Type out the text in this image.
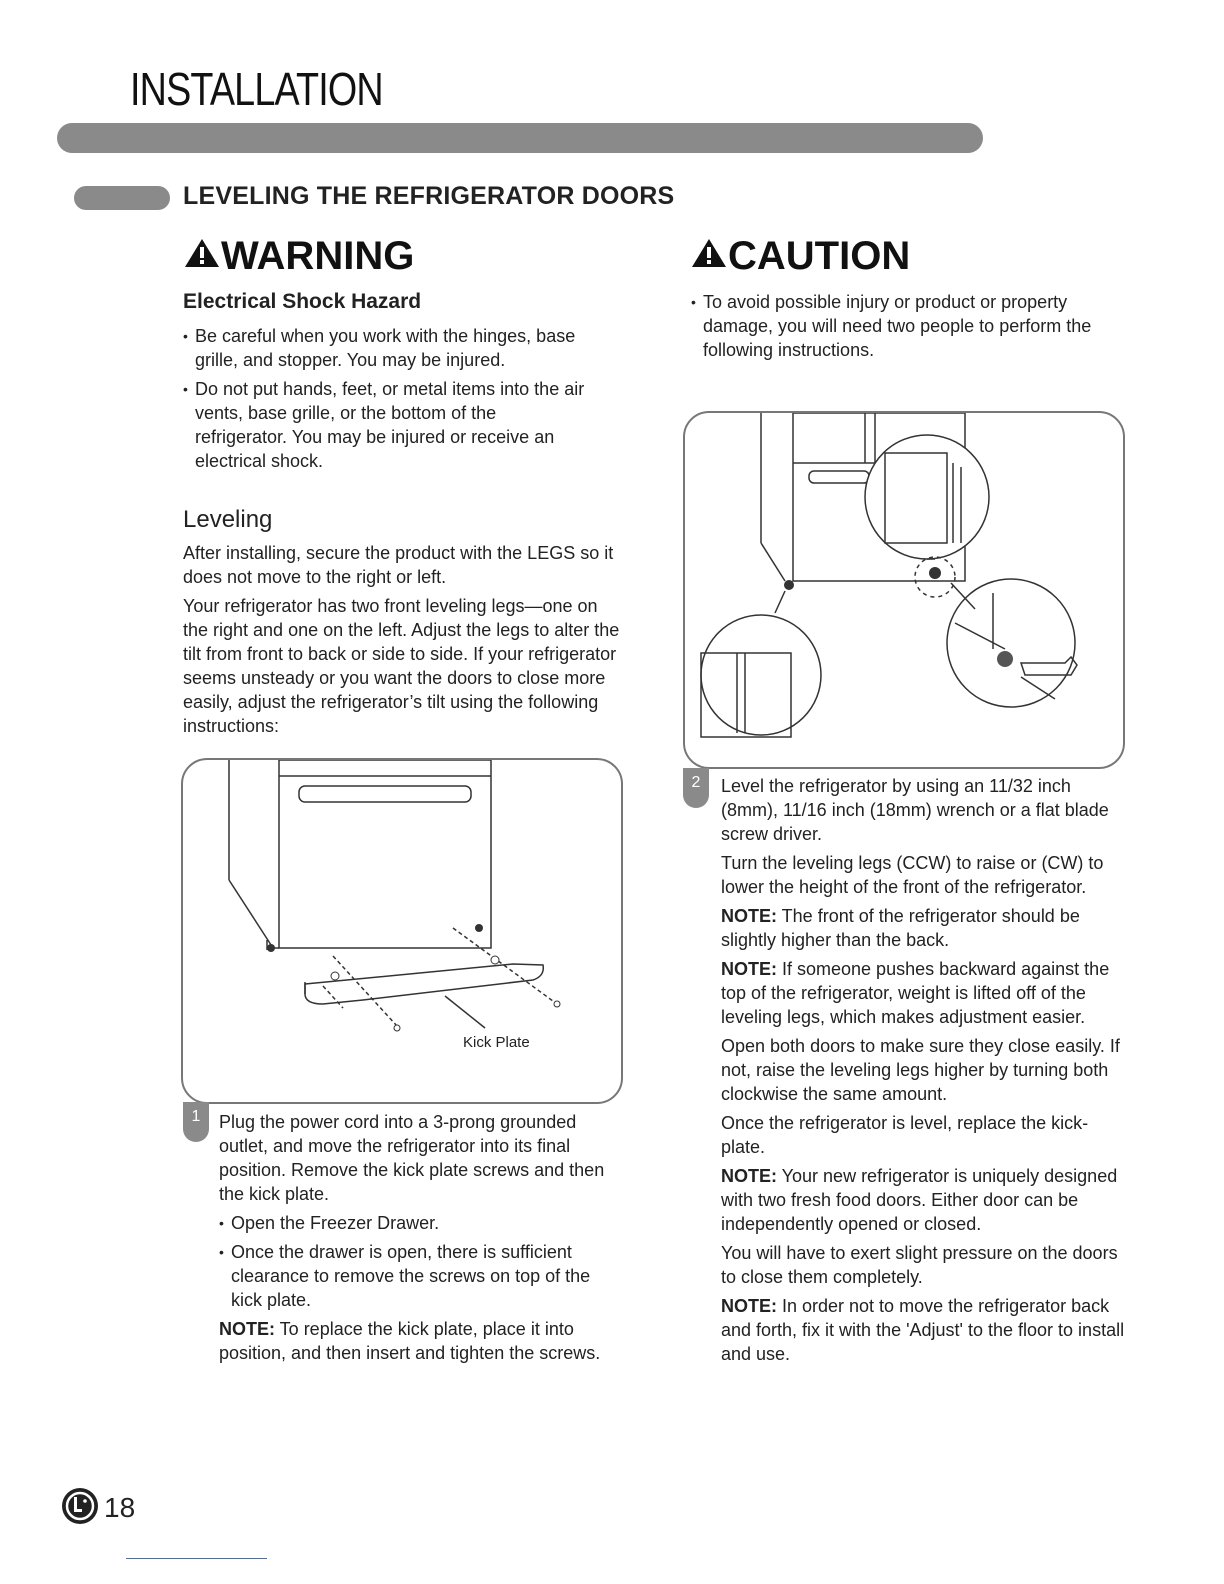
INSTALLATION
LEVELING THE REFRIGERATOR DOORS
WARNING
Electrical Shock Hazard
• Be careful when you work with the hinges, base grille, and stopper. You may be injured.
• Do not put hands, feet, or metal items into the air vents, base grille, or the bottom of the refrigerator. You may be injured or receive an electrical shock.
Leveling
After installing, secure the product with the LEGS so it does not move to the right or left.
Your refrigerator has two front leveling legs—one on the right and one on the left. Adjust the legs to alter the tilt from front to back or side to side. If your refrigerator seems unsteady or you want the doors to close more easily, adjust the refrigerator’s tilt using the following instructions:
Kick Plate
1	Plug the power cord into a 3-prong grounded outlet, and move the refrigerator into its final position. Remove the kick plate screws and then the kick plate.
• Open the Freezer Drawer.
• Once the drawer is open, there is sufficient clearance to remove the screws on top of the kick plate.
NOTE: To replace the kick plate, place it into position, and then insert and tighten the screws.
CAUTION
• To avoid possible injury or product or property damage, you will need two people to perform the following instructions.
2	Level the refrigerator by using an 11/32 inch (8mm), 11/16 inch (18mm) wrench or a flat blade screw driver.
Turn the leveling legs (CCW) to raise or (CW) to lower the height of the front of the refrigerator.
NOTE: The front of the refrigerator should be slightly higher than the back.
NOTE: If someone pushes backward against the top of the refrigerator, weight is lifted off of the leveling legs, which makes adjustment easier.
Open both doors to make sure they close easily. If not, raise the leveling legs higher by turning both clockwise the same amount.
Once the refrigerator is level, replace the kick-plate.
NOTE: Your new refrigerator is uniquely designed with two fresh food doors. Either door can be independently opened or closed.
You will have to exert slight pressure on the doors to close them completely.
NOTE: In order not to move the refrigerator back and forth, fix it with the 'Adjust' to the floor to install and use.
18
